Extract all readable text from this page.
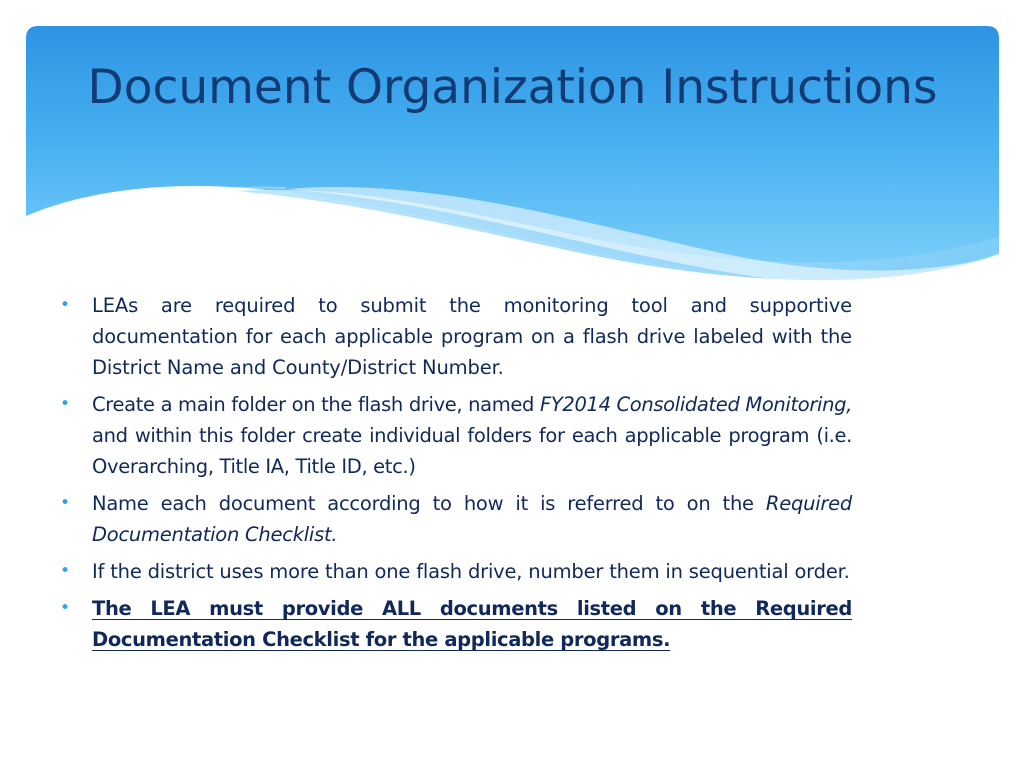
Document Organization Instructions
• LEAs are required to submit the monitoring tool and supportive documentation for each applicable program on a flash drive labeled with the District Name and County/District Number.
• Create a main folder on the flash drive, named FY2014 Consolidated Monitoring, and within this folder create individual folders for each applicable program (i.e. Overarching, Title IA, Title ID, etc.)
• Name each document according to how it is referred to on the Required Documentation Checklist.
• If the district uses more than one flash drive, number them in sequential order.
• The LEA must provide ALL documents listed on the Required Documentation Checklist for the applicable programs.
